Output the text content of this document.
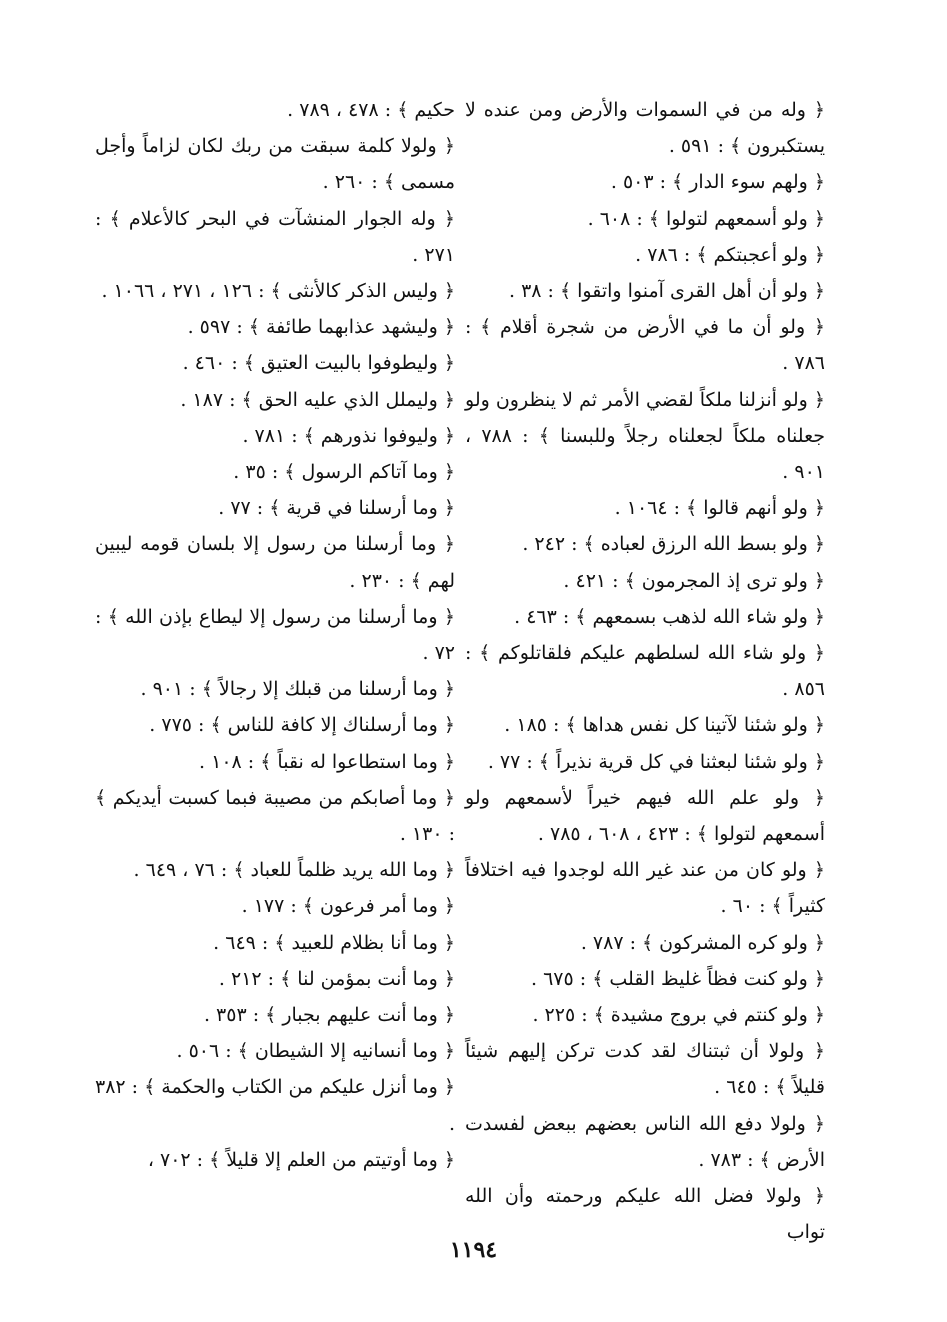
﴿ وله من في السموات والأرض ومن عنده لا يستكبرون ﴾ : ٥٩١ .

﴿ ولهم سوء الدار ﴾ : ٥٠٣ .

﴿ ولو أسمعهم لتولوا ﴾ : ٦٠٨ .

﴿ ولو أعجبتكم ﴾ : ٧٨٦ .

﴿ ولو أن أهل القرى آمنوا واتقوا ﴾ : ٣٨ .

﴿ ولو أن ما في الأرض من شجرة أقلام ﴾ : ٧٨٦ .

﴿ ولو أنزلنا ملكاً لقضي الأمر ثم لا ينظرون ولو جعلناه ملكاً لجعلناه رجلاً وللبسنا ﴾ : ٧٨٨ ، ٩٠١ .

﴿ ولو أنهم قالوا ﴾ : ١٠٦٤ .

﴿ ولو بسط الله الرزق لعباده ﴾ : ٢٤٢ .

﴿ ولو ترى إذ المجرمون ﴾ : ٤٢١ .

﴿ ولو شاء الله لذهب بسمعهم ﴾ : ٤٦٣ .

﴿ ولو شاء الله لسلطهم عليكم فلقاتلوكم ﴾ : ٨٥٦ .

﴿ ولو شئنا لآتينا كل نفس هداها ﴾ : ١٨٥ .

﴿ ولو شئنا لبعثنا في كل قرية نذيراً ﴾ : ٧٧ .

﴿ ولو علم الله فيهم خيراً لأسمعهم ولو أسمعهم لتولوا ﴾ : ٤٢٣ ، ٦٠٨ ، ٧٨٥ .

﴿ ولو كان من عند غير الله لوجدوا فيه اختلافاً كثيراً ﴾ : ٦٠ .

﴿ ولو كره المشركون ﴾ : ٧٨٧ .

﴿ ولو كنت فظاً غليظ القلب ﴾ : ٦٧٥ .

﴿ ولو كنتم في بروج مشيدة ﴾ : ٢٢٥ .

﴿ ولولا أن ثبتناك لقد كدت تركن إليهم شيئاً قليلاً ﴾ : ٦٤٥ .

﴿ ولولا دفع الله الناس بعضهم ببعض لفسدت الأرض ﴾ : ٧٨٣ .

﴿ ولولا فضل الله عليكم ورحمته وأن الله تواب

حكيم ﴾ : ٤٧٨ ، ٧٨٩ .

﴿ ولولا كلمة سبقت من ربك لكان لزاماً وأجل مسمى ﴾ : ٢٦٠ .

﴿ وله الجوار المنشآت في البحر كالأعلام ﴾ : ٢٧١ .

﴿ وليس الذكر كالأنثى ﴾ : ١٢٦ ، ٢٧١ ، ١٠٦٦ .

﴿ وليشهد عذابهما طائفة ﴾ : ٥٩٧ .

﴿ وليطوفوا بالبيت العتيق ﴾ : ٤٦٠ .

﴿ وليملل الذي عليه الحق ﴾ : ١٨٧ .

﴿ وليوفوا نذورهم ﴾ : ٧٨١ .

﴿ وما آتاكم الرسول ﴾ : ٣٥ .

﴿ وما أرسلنا في قرية ﴾ : ٧٧ .

﴿ وما أرسلنا من رسول إلا بلسان قومه ليبين لهم ﴾ : ٢٣٠ .

﴿ وما أرسلنا من رسول إلا ليطاع بإذن الله ﴾ : ٧٢ .

﴿ وما أرسلنا من قبلك إلا رجالاً ﴾ : ٩٠١ .

﴿ وما أرسلناك إلا كافة للناس ﴾ : ٧٧٥ .

﴿ وما استطاعوا له نقباً ﴾ : ١٠٨ .

﴿ وما أصابكم من مصيبة فبما كسبت أيديكم ﴾ : ١٣٠ .

﴿ وما الله يريد ظلماً للعباد ﴾ : ٧٦ ، ٦٤٩ .

﴿ وما أمر فرعون ﴾ : ١٧٧ .

﴿ وما أنا بظلام للعبيد ﴾ : ٦٤٩ .

﴿ وما أنت بمؤمن لنا ﴾ : ٢١٢ .

﴿ وما أنت عليهم بجبار ﴾ : ٣٥٣ .

﴿ وما أنسانيه إلا الشيطان ﴾ : ٥٠٦ .

﴿ وما أنزل عليكم من الكتاب والحكمة ﴾ : ٣٨٢ .

﴿ وما أوتيتم من العلم إلا قليلاً ﴾ : ٧٠٢ ،

١١٩٤
